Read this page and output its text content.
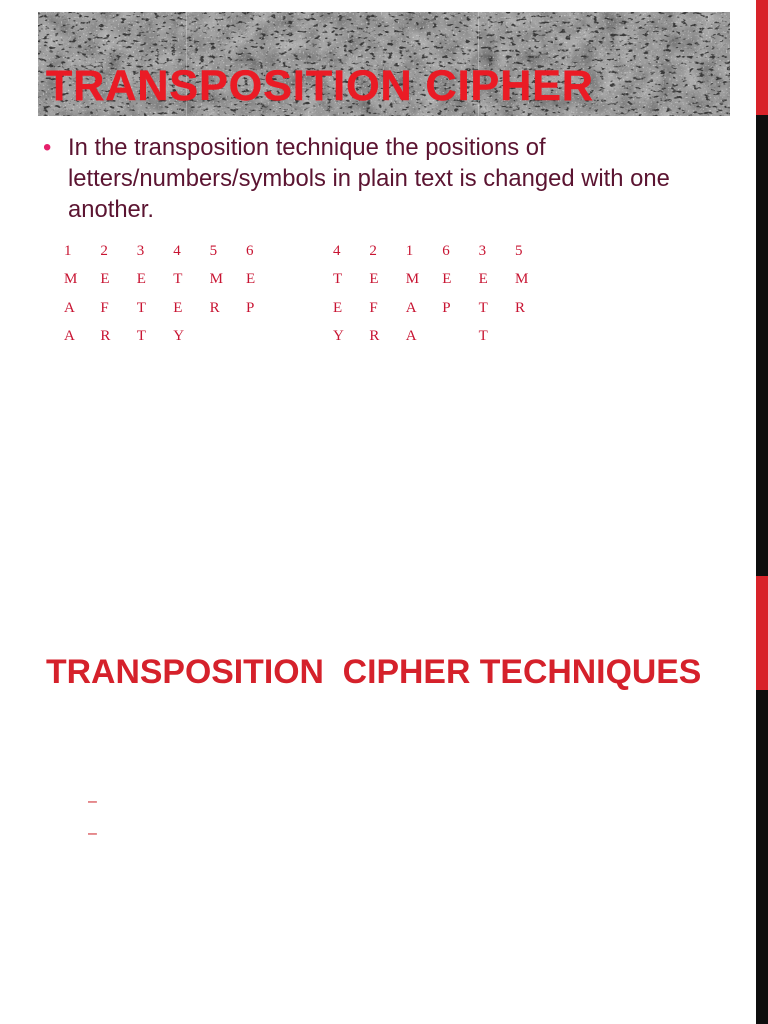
TRANSPOSITION CIPHER
• In the transposition technique the positions of letters/numbers/symbols in plain text is changed with one another.

1 2 3 4 5 6
M E E T M E
A F T E R P
A R T Y
4 2 1 6 3 5
T E M E E M
E F A P T R
Y R A	T
TRANSPOSITION  CIPHER TECHNIQUES
–
–
